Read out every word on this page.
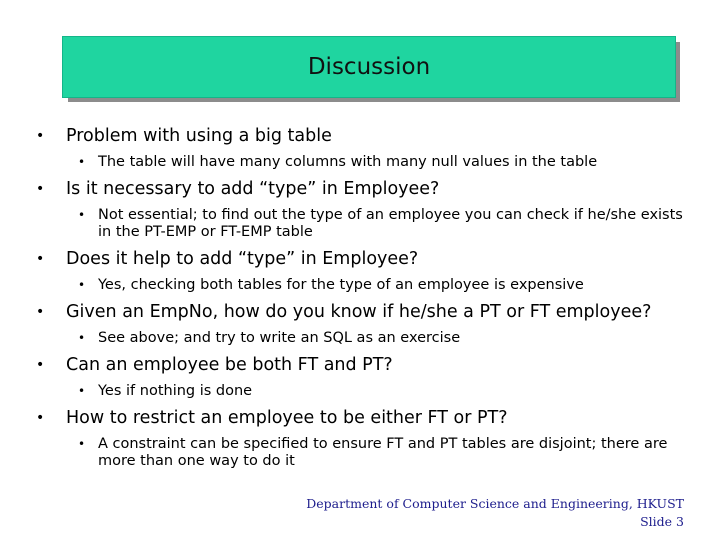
Discussion
• Problem with using a big table
• The table will have many columns with many null values in the table
• Is it necessary to add “type” in Employee?
• Not essential; to find out the type of an employee you can check if he/she exists in the PT-EMP or FT-EMP table
• Does it help to add “type” in Employee?
• Yes, checking both tables for the type of an employee is expensive
• Given an EmpNo, how do you know if he/she a PT or FT employee?
• See above; and try to write an SQL as an exercise
• Can an employee be both FT and PT?
• Yes if nothing is done
• How to restrict an employee to be either FT or PT?
• A constraint can be specified to ensure FT and PT tables are disjoint; there are more than one way to do it
Department of Computer Science and Engineering, HKUST
Slide 3
